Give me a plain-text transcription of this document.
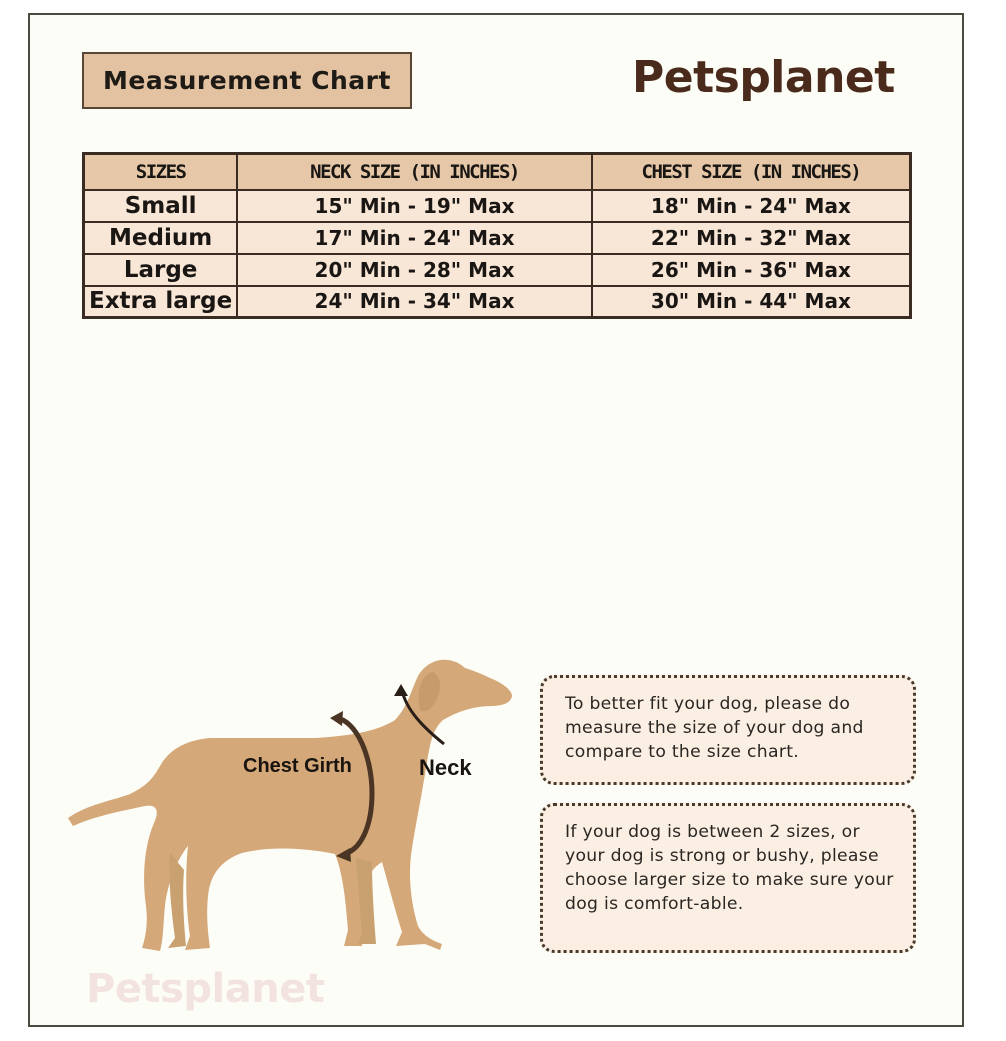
Measurement Chart	Petsplanet
SIZES	NECK SIZE (IN INCHES)	CHEST SIZE (IN INCHES)
Small	15" Min - 19" Max	18" Min - 24" Max
Medium	17" Min - 24" Max	22" Min - 32" Max
Large	20" Min - 28" Max	26" Min - 36" Max
Extra large	24" Min - 34" Max	30" Min - 44" Max
Chest Girth	Neck
To better fit your dog, please do measure the size of your dog and compare to the size chart.
If your dog is between 2 sizes, or your dog is strong or bushy, please choose larger size to make sure your dog is comfort-able.
Petsplanet
